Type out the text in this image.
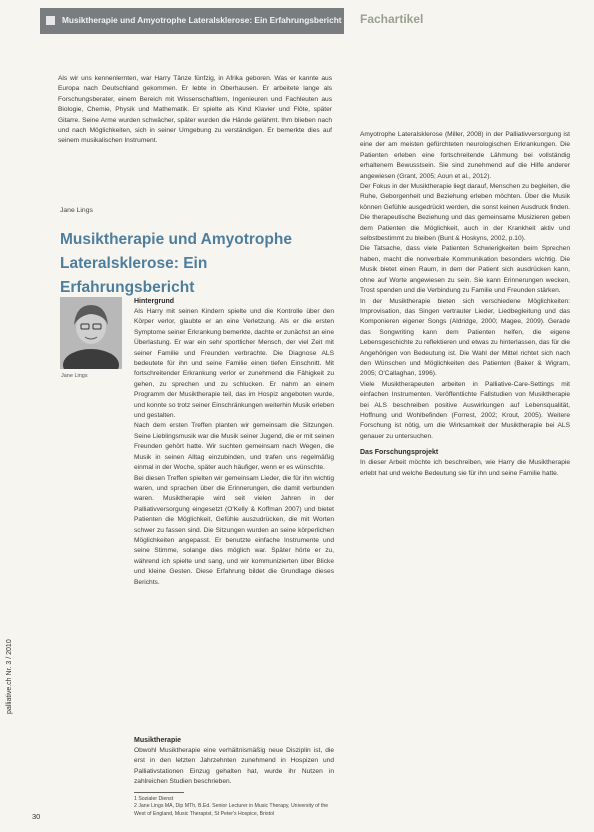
Musiktherapie und Amyotrophe Lateralsklerose: Ein Erfahrungsbericht Fachartikel

Als wir uns kennenlernten, war Harry Tänze fünfzig, in Afrika geboren. Was er kannte aus Europa nach Deutschland gekommen. Er lebte in Oberhausen. Er arbeitete lange als Forschungsberater, einem Bereich mit Wissenschaftlern, Ingenieuren und Fachleuten aus Biologie, Chemie, Physik und Mathematik. Er spielte als Kind Klavier und Flöte, später Gitarre. Seine Arme wurden schwächer, später wurden die Hände gelähmt. Ihm blieben nach und nach Möglichkeiten, sich in seiner Umgebung zu verständigen. Er bemerkte dies auf seinem musikalischen Instrument.

Jane Lings
Musiktherapie und Amyotrophe Lateralsklerose: Ein Erfahrungsbericht
Jane Lings

Hintergrund

Als Harry mit seinen Kindern spielte und die Kontrolle über den Körper verlor, glaubte er an eine Verletzung. Als er die ersten Symptome seiner Erkrankung bemerkte, dachte er zunächst an eine Überlastung. Er war ein sehr sportlicher Mensch, der viel Zeit mit seiner Familie und Freunden verbrachte. Die Diagnose ALS bedeutete für ihn und seine Familie einen tiefen Einschnitt. Mit fortschreitender Erkrankung verlor er zunehmend die Fähigkeit zu gehen, zu sprechen und zu schlucken. Er nahm an einem Programm der Musiktherapie teil, das im Hospiz angeboten wurde, und konnte so trotz seiner Einschränkungen weiterhin Musik erleben und gestalten.

Nach dem ersten Treffen planten wir gemeinsam die Sitzungen. Seine Lieblingsmusik war die Musik seiner Jugend, die er mit seinen Freunden gehört hatte. Wir suchten gemeinsam nach Wegen, die Musik in seinen Alltag einzubinden, und trafen uns regelmäßig einmal in der Woche, später auch häufiger, wenn er es wünschte.

Bei diesen Treffen spielten wir gemeinsam Lieder, die für ihn wichtig waren, und sprachen über die Erinnerungen, die damit verbunden waren. Musiktherapie wird seit vielen Jahren in der Palliativversorgung eingesetzt (O'Kelly & Koffman 2007) und bietet Patienten die Möglichkeit, Gefühle auszudrücken, die mit Worten schwer zu fassen sind. Die Sitzungen wurden an seine körperlichen Möglichkeiten angepasst. Er benutzte einfache Instrumente und seine Stimme, solange dies möglich war. Später hörte er zu, während ich spielte und sang, und wir kommunizierten über Blicke und kleine Gesten. Diese Erfahrung bildet die Grundlage dieses Berichts.

Musiktherapie

Obwohl Musiktherapie eine verhältnismäßig neue Disziplin ist, die erst in den letzten Jahrzehnten zunehmend in Hospizen und Palliativstationen Einzug gehalten hat, wurde ihr Nutzen in zahlreichen Studien beschrieben.

Amyotrophe Lateralsklerose (Miller, 2008) in der Palliativversorgung ist eine der am meisten gefürchteten neurologischen Erkrankungen. Die Patienten erleben eine fortschreitende Lähmung bei vollständig erhaltenem Bewusstsein. Sie sind zunehmend auf die Hilfe anderer angewiesen (Grant, 2005; Aoun et al., 2012).

Der Fokus in der Musiktherapie liegt darauf, Menschen zu begleiten, die Ruhe, Geborgenheit und Beziehung erleben möchten. Über die Musik können Gefühle ausgedrückt werden, die sonst keinen Ausdruck finden. Die therapeutische Beziehung und das gemeinsame Musizieren geben dem Patienten die Möglichkeit, auch in der Krankheit aktiv und selbstbestimmt zu bleiben (Bunt & Hoskyns, 2002, p.10).

Die Tatsache, dass viele Patienten Schwierigkeiten beim Sprechen haben, macht die nonverbale Kommunikation besonders wichtig. Die Musik bietet einen Raum, in dem der Patient sich ausdrücken kann, ohne auf Worte angewiesen zu sein. Sie kann Erinnerungen wecken, Trost spenden und die Verbindung zu Familie und Freunden stärken.

In der Musiktherapie bieten sich verschiedene Möglichkeiten: Improvisation, das Singen vertrauter Lieder, Liedbegleitung und das Komponieren eigener Songs (Aldridge, 2000; Magee, 2009). Gerade das Songwriting kann dem Patienten helfen, die eigene Lebensgeschichte zu reflektieren und etwas zu hinterlassen, das für die Angehörigen von Bedeutung ist. Die Wahl der Mittel richtet sich nach den Wünschen und Möglichkeiten des Patienten (Baker & Wigram, 2005; O'Callaghan, 1996).

Viele Musiktherapeuten arbeiten in Palliative-Care-Settings mit einfachen Instrumenten. Veröffentlichte Fallstudien von Musiktherapie bei ALS beschreiben positive Auswirkungen auf Lebensqualität, Hoffnung und Wohlbefinden (Forrest, 2002; Krout, 2005). Weitere Forschung ist nötig, um die Wirksamkeit der Musiktherapie bei ALS genauer zu untersuchen.

Das Forschungsprojekt

In dieser Arbeit möchte ich beschreiben, wie Harry die Musiktherapie erlebt hat und welche Bedeutung sie für ihn und seine Familie hatte.

palliative.ch Nr. 3 / 2010

1 Sozialer Dienst

2 Jane Lings MA, Dip MTh, B.Ed. Senior Lecturer in Music Therapy, University of the West of England, Music Therapist, St Peter's Hospice, Bristol

30
